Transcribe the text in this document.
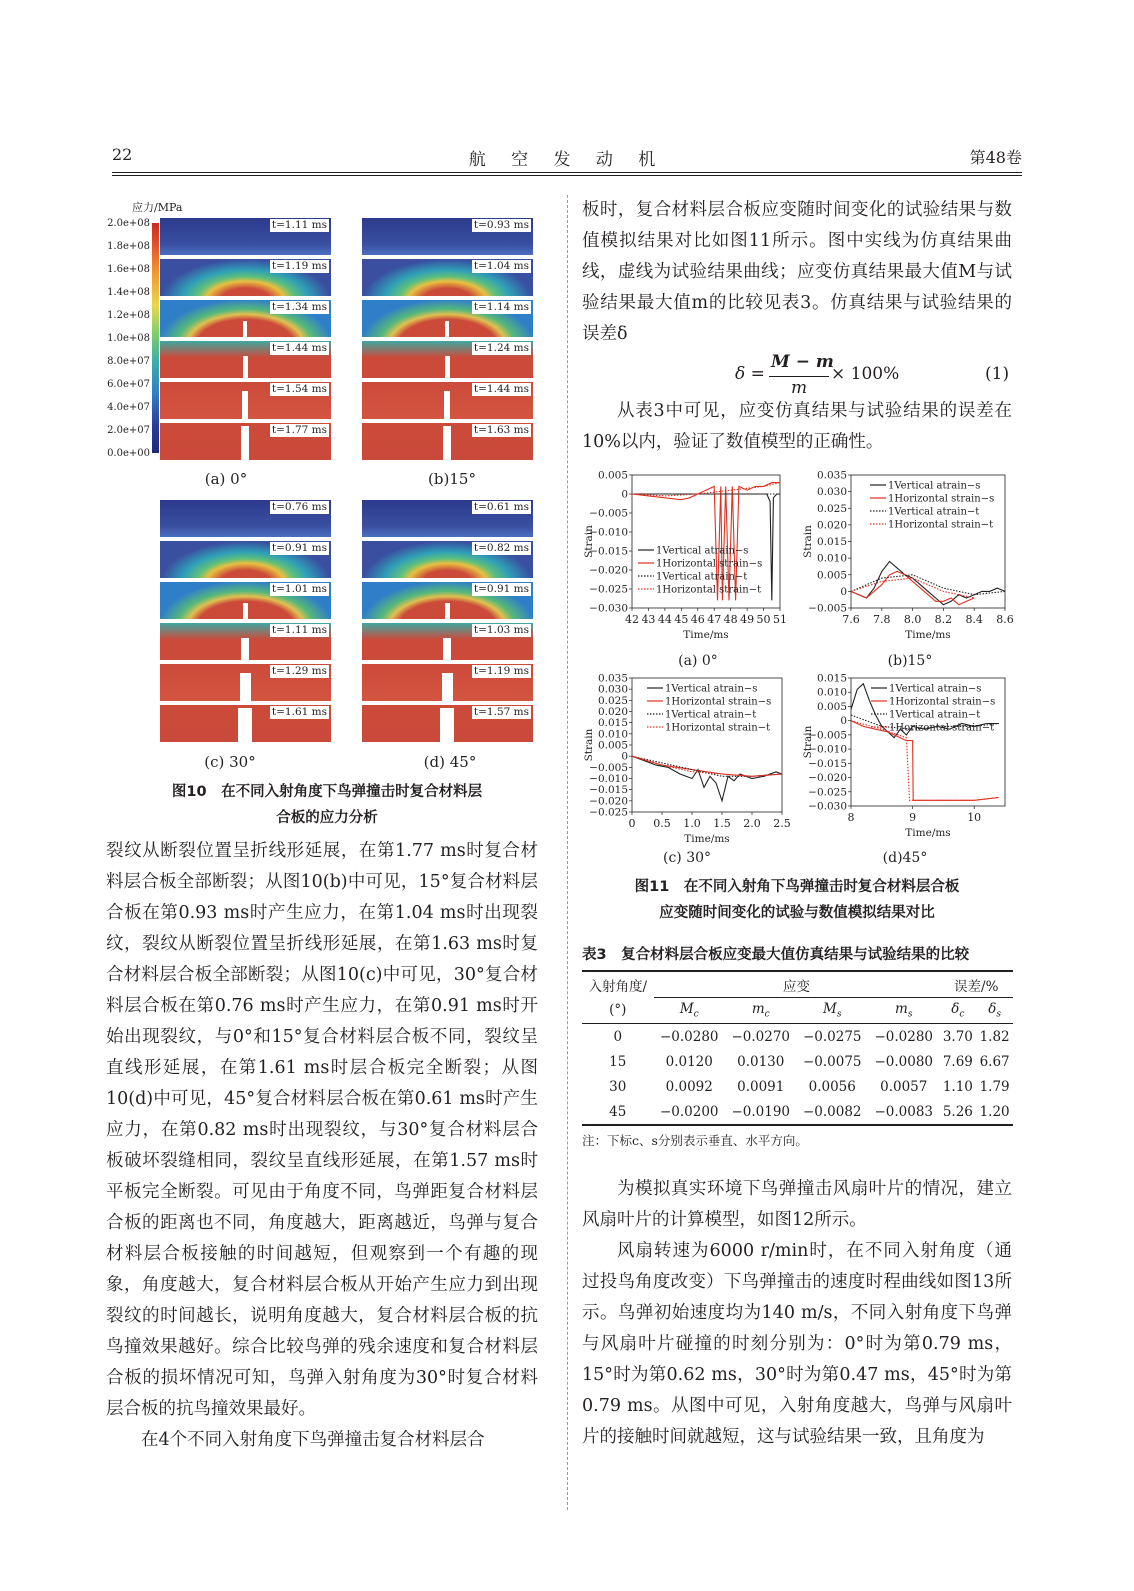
22	航 空 发 动 机	第48卷
应力/MPa
2.0e+08
1.8e+08
1.6e+08
1.4e+08
1.2e+08
1.0e+08
8.0e+07
6.0e+07
4.0e+07
2.0e+07
0.0e+00
t=1.11 ms
t=1.19 ms
t=1.34 ms
t=1.44 ms
t=1.54 ms
t=1.77 ms
t=0.93 ms
t=1.04 ms
t=1.14 ms
t=1.24 ms
t=1.44 ms
t=1.63 ms
t=0.76 ms
t=0.91 ms
t=1.01 ms
t=1.11 ms
t=1.29 ms
t=1.61 ms
t=0.61 ms
t=0.82 ms
t=0.91 ms
t=1.03 ms
t=1.19 ms
t=1.57 ms
(a) 0°	(b)15°
(c) 30°	(d) 45°
图10　在不同入射角度下鸟弹撞击时复合材料层
合板的应力分析

裂纹从断裂位置呈折线形延展，在第1.77 ms时复合材料层合板全部断裂；从图10(b)中可见，15°复合材料层合板在第0.93 ms时产生应力，在第1.04 ms时出现裂纹，裂纹从断裂位置呈折线形延展，在第1.63 ms时复合材料层合板全部断裂；从图10(c)中可见，30°复合材料层合板在第0.76 ms时产生应力，在第0.91 ms时开始出现裂纹，与0°和15°复合材料层合板不同，裂纹呈直线形延展，在第1.61 ms时层合板完全断裂；从图10(d)中可见，45°复合材料层合板在第0.61 ms时产生应力，在第0.82 ms时出现裂纹，与30°复合材料层合板破坏裂缝相同，裂纹呈直线形延展，在第1.57 ms时平板完全断裂。可见由于角度不同，鸟弹距复合材料层合板的距离也不同，角度越大，距离越近，鸟弹与复合材料层合板接触的时间越短，但观察到一个有趣的现象，角度越大，复合材料层合板从开始产生应力到出现裂纹的时间越长，说明角度越大，复合材料层合板的抗鸟撞效果越好。综合比较鸟弹的残余速度和复合材料层合板的损坏情况可知，鸟弹入射角度为30°时复合材料层合板的抗鸟撞效果最好。

在4个不同入射角度下鸟弹撞击复合材料层合

板时，复合材料层合板应变随时间变化的试验结果与数值模拟结果对比如图11所示。图中实线为仿真结果曲线，虚线为试验结果曲线；应变仿真结果最大值M与试验结果最大值m的比较见表3。仿真结果与试验结果的误差δ

δ =
M − m
m
× 100%	(1)

从表3中可见，应变仿真结果与试验结果的误差在10%以内，验证了数值模型的正确性。

0.005
0
−0.005
−0.010
−0.015
−0.020
−0.025
−0.030
42 43 44 45 46 47 48 49 50 51
Time/ms
Strain	1Vertical atrain−s
1Horizontal strain−s
1Vertical atrain−t
1Horizontal strain−t
(a) 0°
0.035
0.030
0.025
0.020
0.015
0.010
0.005
0
−0.005
7.6 7.8 8.0 8.2 8.4 8.6
Time/ms
Strain
1Vertical atrain−s
1Horizontal strain−s
1Vertical atrain−t
1Horizontal strain−t
(b)15°
0.035
0.030
0.025
0.020
0.015
0.010
0.005
0
−0.005
−0.010
−0.015
−0.020
−0.025
0 0.5 1.0 1.5 2.0 2.5
Time/ms
Strain
1Vertical atrain−s
1Horizontal strain−s
1Vertical atrain−t
1Horizontal strain−t
(c) 30°
0.015
0.010
0.005
0
−0.005
−0.010
−0.015
−0.020
−0.025
−0.030
8	9	10
Time/ms
Strain
1Vertical atrain−s
1Horizontal strain−s
1Vertical atrain−t
1Horizontal strain−t
(d)45°
图11　在不同入射角下鸟弹撞击时复合材料层合板
应变随时间变化的试验与数值模拟结果对比
表3　复合材料层合板应变最大值仿真结果与试验结果的比较
入射角度/	应变				误差/%	
(°)	$M_c$	$m_c$	$M_s$	$m_s$	$\delta_c$	$\delta_s$
0	−0.0280	−0.0270	−0.0275	−0.0280	3.70	1.82
15	0.0120	0.0130	−0.0075	−0.0080	7.69	6.67
30	0.0092	0.0091	0.0056	0.0057	1.10	1.79
45	−0.0200	−0.0190	−0.0082	−0.0083	5.26	1.20
注：下标c、s分别表示垂直、水平方向。

为模拟真实环境下鸟弹撞击风扇叶片的情况，建立风扇叶片的计算模型，如图12所示。

风扇转速为6000 r/min时，在不同入射角度（通过投鸟角度改变）下鸟弹撞击的速度时程曲线如图13所示。鸟弹初始速度均为140 m/s，不同入射角度下鸟弹与风扇叶片碰撞的时刻分别为：0°时为第0.79 ms，15°时为第0.62 ms，30°时为第0.47 ms，45°时为第0.79 ms。从图中可见，入射角度越大，鸟弹与风扇叶片的接触时间就越短，这与试验结果一致，且角度为
